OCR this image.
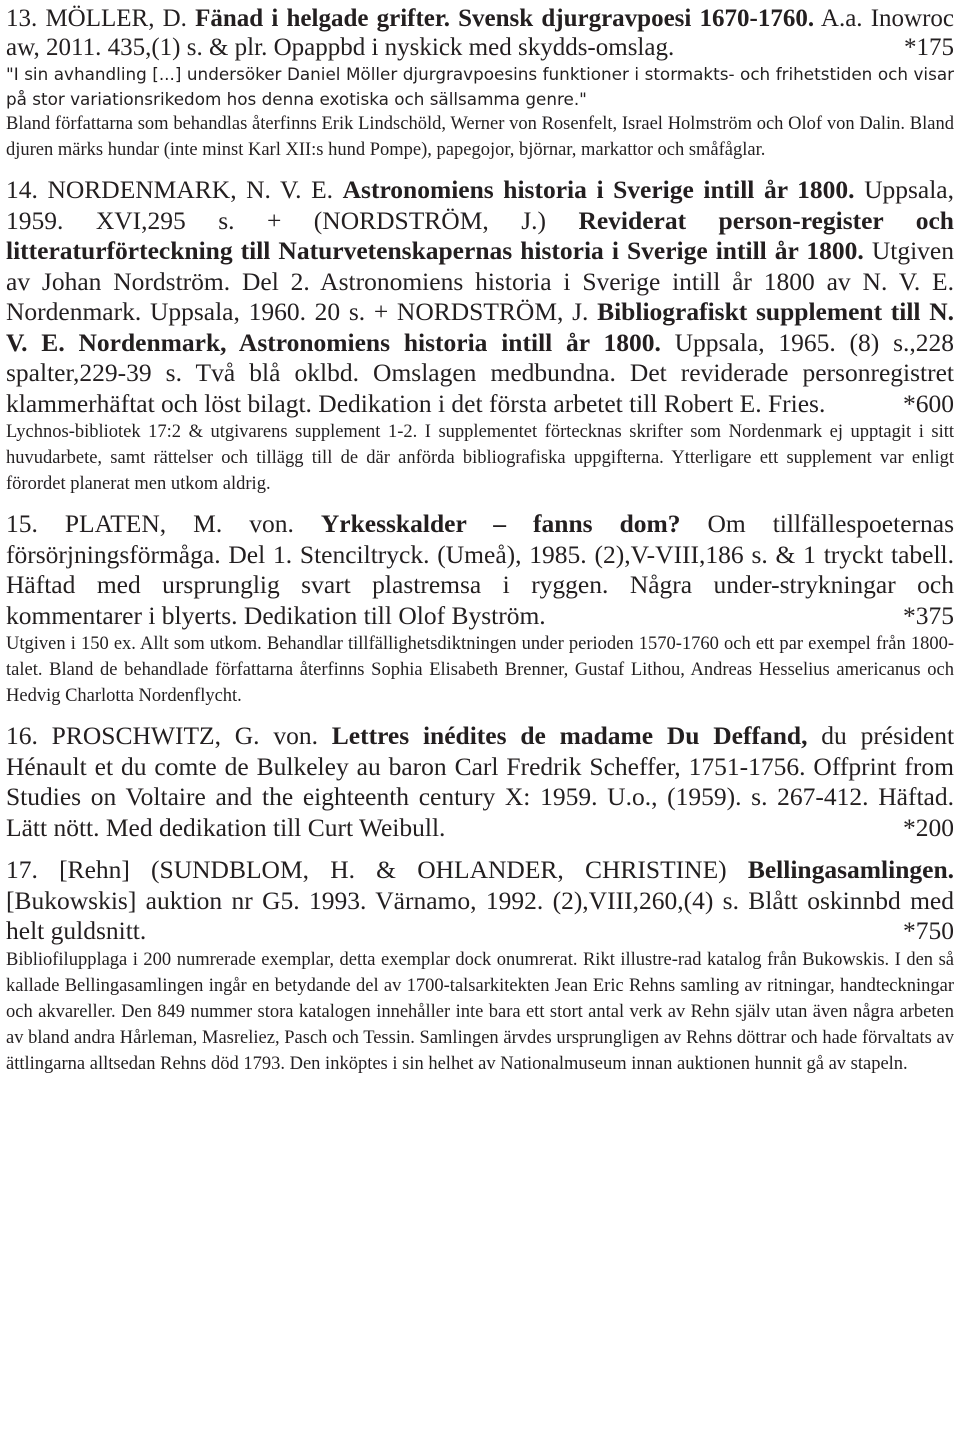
13. MÖLLER, D. Fänad i helgade grifter. Svensk djurgravpoesi 1670-1760. A.a. Inowroc aw, 2011. 435,(1) s. & plr. Opappbd i nyskick med skydds-omslag.	*175

"I sin avhandling [...] undersöker Daniel Möller djurgravpoesins funktioner i stormakts- och frihetstiden och visar på stor variationsrikedom hos denna exotiska och sällsamma genre."

Bland författarna som behandlas återfinns Erik Lindschöld, Werner von Rosenfelt, Israel Holmström och Olof von Dalin. Bland djuren märks hundar (inte minst Karl XII:s hund Pompe), papegojor, björnar, markattor och småfåglar.

14. NORDENMARK, N. V. E. Astronomiens historia i Sverige intill år 1800. Uppsala, 1959. XVI,295 s. + (NORDSTRÖM, J.) Reviderat person-register och litteraturförteckning till Naturvetenskapernas historia i Sverige intill år 1800. Utgiven av Johan Nordström. Del 2. Astronomiens historia i Sverige intill år 1800 av N. V. E. Nordenmark. Uppsala, 1960. 20 s. + NORDSTRÖM, J. Bibliografiskt supplement till N. V. E. Nordenmark, Astronomiens historia intill år 1800. Uppsala, 1965. (8) s.,228 spalter,229-39 s. Två blå oklbd. Omslagen medbundna. Det reviderade personregistret klammerhäftat och löst bilagt. Dedikation i det första arbetet till Robert E. Fries.	*600

Lychnos-bibliotek 17:2 & utgivarens supplement 1-2. I supplementet förtecknas skrifter som Nordenmark ej upptagit i sitt huvudarbete, samt rättelser och tillägg till de där anförda bibliografiska uppgifterna. Ytterligare ett supplement var enligt förordet planerat men utkom aldrig.

15. PLATEN, M. von. Yrkesskalder – fanns dom? Om tillfällespoeternas försörjningsförmåga. Del 1. Stenciltryck. (Umeå), 1985. (2),V-VIII,186 s. & 1 tryckt tabell. Häftad med ursprunglig svart plastremsa i ryggen. Några under-strykningar och kommentarer i blyerts. Dedikation till Olof Byström.	*375

Utgiven i 150 ex. Allt som utkom. Behandlar tillfällighetsdiktningen under perioden 1570-1760 och ett par exempel från 1800-talet. Bland de behandlade författarna återfinns Sophia Elisabeth Brenner, Gustaf Lithou, Andreas Hesselius americanus och Hedvig Charlotta Nordenflycht.

16. PROSCHWITZ, G. von. Lettres inédites de madame Du Deffand, du président Hénault et du comte de Bulkeley au baron Carl Fredrik Scheffer, 1751-1756. Offprint from Studies on Voltaire and the eighteenth century X: 1959. U.o., (1959). s. 267-412. Häftad. Lätt nött. Med dedikation till Curt Weibull.	*200

17. [Rehn] (SUNDBLOM, H. & OHLANDER, CHRISTINE) Bellingasamlingen. [Bukowskis] auktion nr G5. 1993. Värnamo, 1992. (2),VIII,260,(4) s. Blått oskinnbd med helt guldsnitt.	*750

Bibliofilupplaga i 200 numrerade exemplar, detta exemplar dock onumrerat. Rikt illustre-rad katalog från Bukowskis. I den så kallade Bellingasamlingen ingår en betydande del av 1700-talsarkitekten Jean Eric Rehns samling av ritningar, handteckningar och akvareller. Den 849 nummer stora katalogen innehåller inte bara ett stort antal verk av Rehn själv utan även några arbeten av bland andra Hårleman, Masreliez, Pasch och Tessin. Samlingen ärvdes ursprungligen av Rehns döttrar och hade förvaltats av ättlingarna alltsedan Rehns död 1793. Den inköptes i sin helhet av Nationalmuseum innan auktionen hunnit gå av stapeln.
